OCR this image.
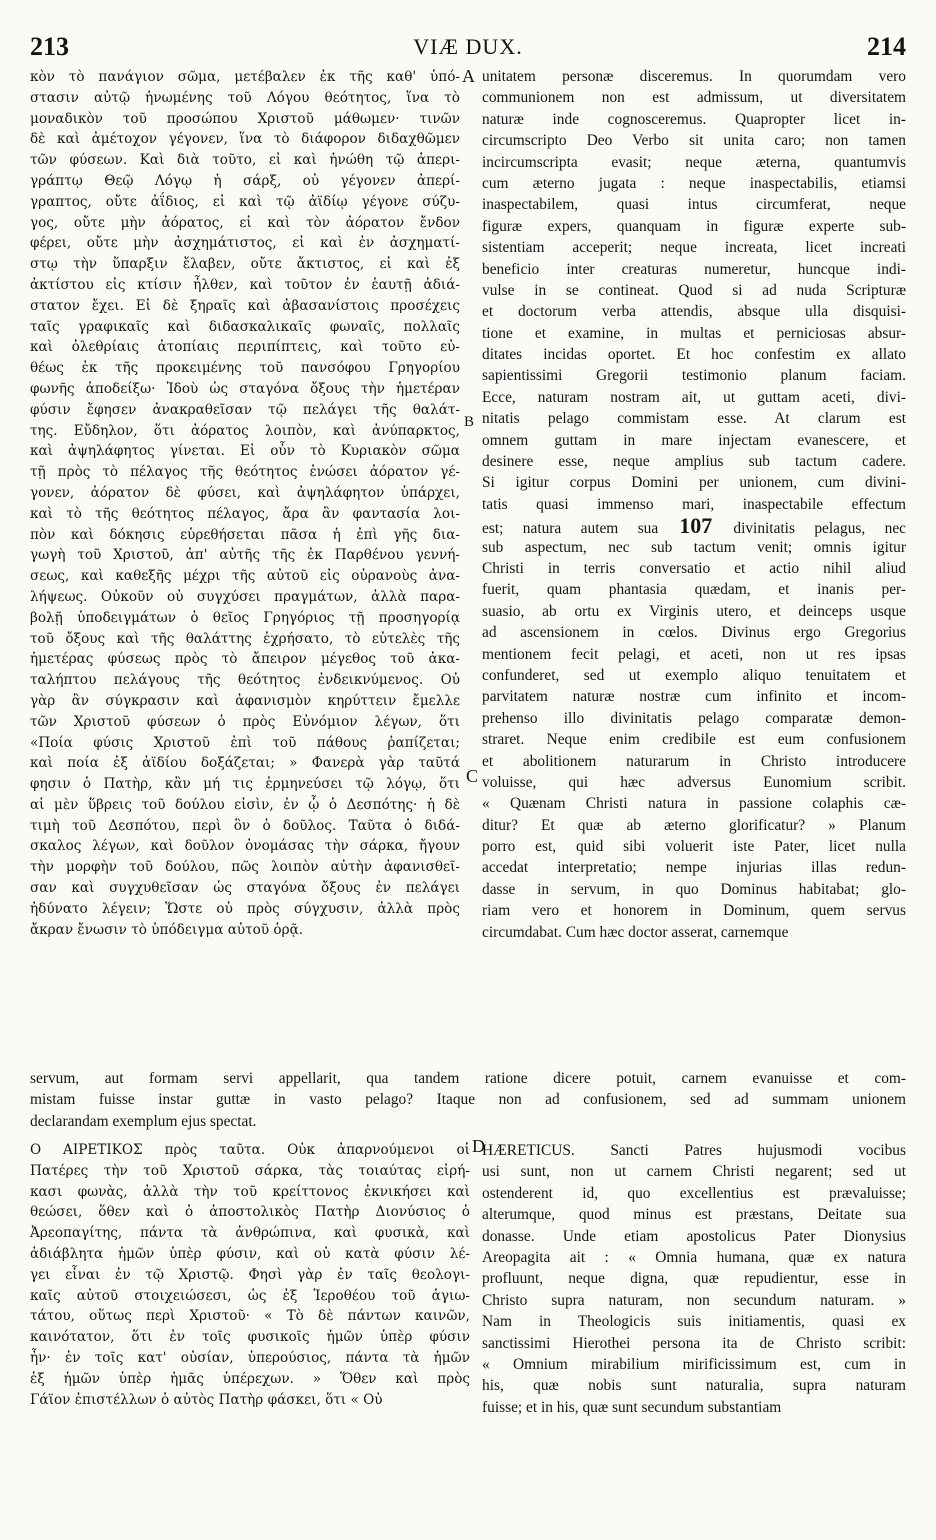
213	VIÆ DUX.	214
A
B
C
D
κὸν τὸ πανάγιον σῶμα, μετέβαλεν ἐκ τῆς καθ' ὑπό-
στασιν αὐτῷ ἡνωμένης τοῦ Λόγου θεότητος, ἵνα τὸ
μοναδικὸν τοῦ προσώπου Χριστοῦ μάθωμεν· τινῶν
δὲ καὶ ἀμέτοχον γέγονεν, ἵνα τὸ διάφορον διδαχθῶμεν
τῶν φύσεων. Καὶ διὰ τοῦτο, εἰ καὶ ἡνώθη τῷ ἀπερι-
γράπτῳ Θεῷ Λόγῳ ἡ σάρξ, οὐ γέγονεν ἀπερί-
γραπτος, οὔτε ἀΐδιος, εἰ καὶ τῷ ἀϊδίῳ γέγονε σύζυ-
γος, οὔτε μὴν ἀόρατος, εἰ καὶ τὸν ἀόρατον ἔνδον
φέρει, οὔτε μὴν ἀσχημάτιστος, εἰ καὶ ἐν ἀσχηματί-
στῳ τὴν ὕπαρξιν ἔλαβεν, οὔτε ἄκτιστος, εἰ καὶ ἐξ
ἀκτίστου εἰς κτίσιν ἦλθεν, καὶ τοῦτον ἐν ἑαυτῇ ἀδιά-
στατον ἔχει. Εἰ δὲ ξηραῖς καὶ ἀβασανίστοις προσέχεις
ταῖς γραφικαῖς καὶ διδασκαλικαῖς φωναῖς, πολλαῖς
καὶ ὀλεθρίαις ἀτοπίαις περιπίπτεις, καὶ τοῦτο εὐ-
θέως ἐκ τῆς προκειμένης τοῦ πανσόφου Γρηγορίου
φωνῆς ἀποδείξω· Ἰδοὺ ὡς σταγόνα ὄξους τὴν ἡμετέραν
φύσιν ἔφησεν ἀνακραθεῖσαν τῷ πελάγει τῆς θαλάτ-
της. Εὔδηλον, ὅτι ἀόρατος λοιπὸν, καὶ ἀνύπαρκτος,
καὶ ἀψηλάφητος γίνεται. Εἰ οὖν τὸ Κυριακὸν σῶμα
τῇ πρὸς τὸ πέλαγος τῆς θεότητος ἑνώσει ἀόρατον γέ-
γονεν, ἀόρατον δὲ φύσει, καὶ ἀψηλάφητον ὑπάρχει,
καὶ τὸ τῆς θεότητος πέλαγος, ἄρα ἂν φαντασία λοι-
πὸν καὶ δόκησις εὑρεθήσεται πᾶσα ἡ ἐπὶ γῆς δια-
γωγὴ τοῦ Χριστοῦ, ἀπ' αὐτῆς τῆς ἐκ Παρθένου γεννή-
σεως, καὶ καθεξῆς μέχρι τῆς αὐτοῦ εἰς οὐρανοὺς ἀνα-
λήψεως. Οὐκοῦν οὐ συγχύσει πραγμάτων, ἀλλὰ παρα-
βολῇ ὑποδειγμάτων ὁ θεῖος Γρηγόριος τῇ προσηγορίᾳ
τοῦ ὄξους καὶ τῆς θαλάττης ἐχρήσατο, τὸ εὐτελὲς τῆς
ἡμετέρας φύσεως πρὸς τὸ ἄπειρον μέγεθος τοῦ ἀκα-
ταλήπτου πελάγους τῆς θεότητος ἐνδεικνύμενος. Οὐ
γὰρ ἂν σύγκρασιν καὶ ἀφανισμὸν κηρύττειν ἔμελλε
τῶν Χριστοῦ φύσεων ὁ πρὸς Εὐνόμιον λέγων, ὅτι
«Ποία φύσις Χριστοῦ ἐπὶ τοῦ πάθους ῥαπίζεται;
καὶ ποία ἐξ ἀϊδίου δοξάζεται; » Φανερὰ γὰρ ταῦτά
φησιν ὁ Πατὴρ, κἂν μή τις ἑρμηνεύσει τῷ λόγῳ, ὅτι
αἱ μὲν ὕβρεις τοῦ δούλου εἰσὶν, ἐν ᾧ ὁ Δεσπότης· ἡ δὲ
τιμὴ τοῦ Δεσπότου, περὶ ὃν ὁ δοῦλος. Ταῦτα ὁ διδά-
σκαλος λέγων, καὶ δοῦλον ὀνομάσας τὴν σάρκα, ἤγουν
τὴν μορφὴν τοῦ δούλου, πῶς λοιπὸν αὐτὴν ἀφανισθεῖ-
σαν καὶ συγχυθεῖσαν ὡς σταγόνα ὄξους ἐν πελάγει
ἠδύνατο λέγειν; Ὥστε οὐ πρὸς σύγχυσιν, ἀλλὰ πρὸς
ἄκραν ἔνωσιν τὸ ὑπόδειγμα αὐτοῦ ὁρᾷ.
unitatem personæ disceremus. In quorumdam vero
communionem non est admissum, ut diversitatem
naturæ inde cognosceremus. Quapropter licet in-
circumscripto Deo Verbo sit unita caro; non tamen
incircumscripta evasit; neque æterna, quantumvis
cum æterno jugata : neque inaspectabilis, etiamsi
inaspectabilem, quasi intus circumferat, neque
figuræ expers, quanquam in figuræ experte sub-
sistentiam acceperit; neque increata, licet increati
beneficio inter creaturas numeretur, huncque indi-
vulse in se contineat. Quod si ad nuda Scripturæ
et doctorum verba attendis, absque ulla disquisi-
tione et examine, in multas et perniciosas absur-
ditates incidas oportet. Et hoc confestim ex allato
sapientissimi Gregorii testimonio planum faciam.
Ecce, naturam nostram ait, ut guttam aceti, divi-
nitatis pelago commistam esse. At clarum est
omnem guttam in mare injectam evanescere, et
desinere esse, neque amplius sub tactum cadere.
Si igitur corpus Domini per unionem, cum divini-
tatis quasi immenso mari, inaspectabile effectum
est; natura autem sua 107 divinitatis pelagus, nec
sub aspectum, nec sub tactum venit; omnis igitur
Christi in terris conversatio et actio nihil aliud
fuerit, quam phantasia quædam, et inanis per-
suasio, ab ortu ex Virginis utero, et deinceps usque
ad ascensionem in cœlos. Divinus ergo Gregorius
mentionem fecit pelagi, et aceti, non ut res ipsas
confunderet, sed ut exemplo aliquo tenuitatem et
parvitatem naturæ nostræ cum infinito et incom-
prehenso illo divinitatis pelago comparatæ demon-
straret. Neque enim credibile est eum confusionem
et abolitionem naturarum in Christo introducere
voluisse, qui hæc adversus Eunomium scribit.
« Quænam Christi natura in passione colaphis cæ-
ditur? Et quæ ab æterno glorificatur? » Planum
porro est, quid sibi voluerit iste Pater, licet nulla
accedat interpretatio; nempe injurias illas redun-
dasse in servum, in quo Dominus habitabat; glo-
riam vero et honorem in Dominum, quem servus
circumdabat. Cum hæc doctor asserat, carnemque
servum, aut formam servi appellarit, qua tandem ratione dicere potuit, carnem evanuisse et com-
mistam fuisse instar guttæ in vasto pelago? Itaque non ad confusionem, sed ad summam unionem
declarandam exemplum ejus spectat.
Ο ΑΙΡΕΤΙΚΟΣ πρὸς ταῦτα. Οὐκ ἀπαρνούμενοι οἱ
Πατέρες τὴν τοῦ Χριστοῦ σάρκα, τὰς τοιαύτας εἰρή-
κασι φωνὰς, ἀλλὰ τὴν τοῦ κρείττονος ἐκνικήσει καὶ
θεώσει, ὅθεν καὶ ὁ ἀποστολικὸς Πατὴρ Διονύσιος ὁ
Ἀρεοπαγίτης, πάντα τὰ ἀνθρώπινα, καὶ φυσικὰ, καὶ
ἀδιάβλητα ἡμῶν ὑπὲρ φύσιν, καὶ οὐ κατὰ φύσιν λέ-
γει εἶναι ἐν τῷ Χριστῷ. Φησὶ γὰρ ἐν ταῖς θεολογι-
καῖς αὐτοῦ στοιχειώσεσι, ὡς ἐξ Ἱεροθέου τοῦ ἁγιω-
τάτου, οὕτως περὶ Χριστοῦ· « Τὸ δὲ πάντων καινῶν,
καινότατον, ὅτι ἐν τοῖς φυσικοῖς ἡμῶν ὑπὲρ φύσιν
ἦν· ἐν τοῖς κατ' οὐσίαν, ὑπερούσιος, πάντα τὰ ἡμῶν
ἐξ ἡμῶν ὑπὲρ ἡμᾶς ὑπέρεχων. » Ὅθεν καὶ πρὸς
Γάϊον ἐπιστέλλων ὁ αὐτὸς Πατὴρ φάσκει, ὅτι « Οὐ
HÆRETICUS. Sancti Patres hujusmodi vocibus
usi sunt, non ut carnem Christi negarent; sed ut
ostenderent id, quo excellentius est prævaluisse;
alterumque, quod minus est præstans, Deitate sua
donasse. Unde etiam apostolicus Pater Dionysius
Areopagita ait : « Omnia humana, quæ ex natura
profluunt, neque digna, quæ repudientur, esse in
Christo supra naturam, non secundum naturam. »
Nam in Theologicis suis initiamentis, quasi ex
sanctissimi Hierothei persona ita de Christo scribit:
« Omnium mirabilium mirificissimum est, cum in
his, quæ nobis sunt naturalia, supra naturam
fuisse; et in his, quæ sunt secundum substantiam
